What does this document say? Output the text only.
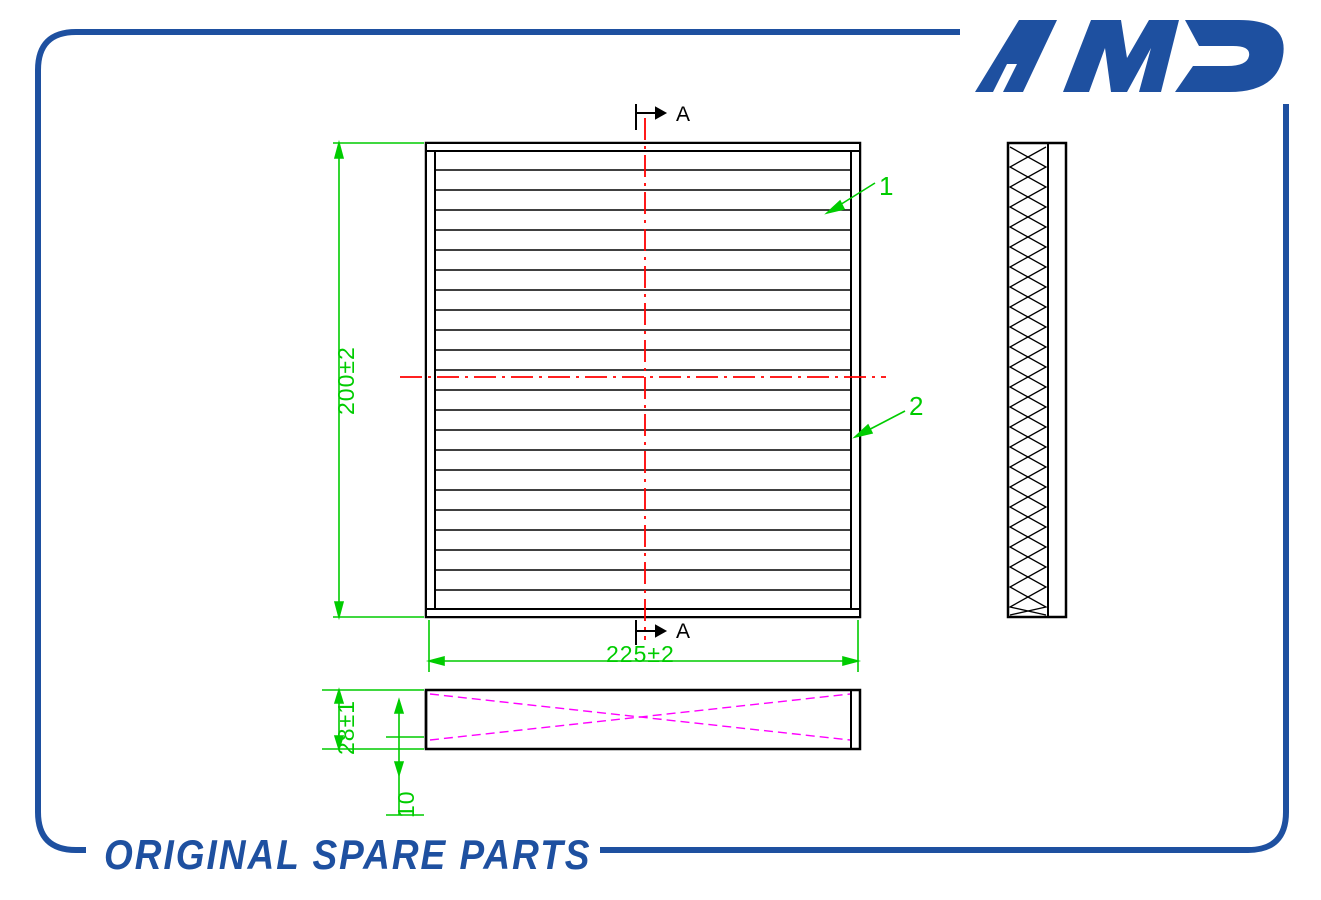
ORIGINAL SPARE PARTS
200±2
225±2
28±1
10
1
2
A
A
